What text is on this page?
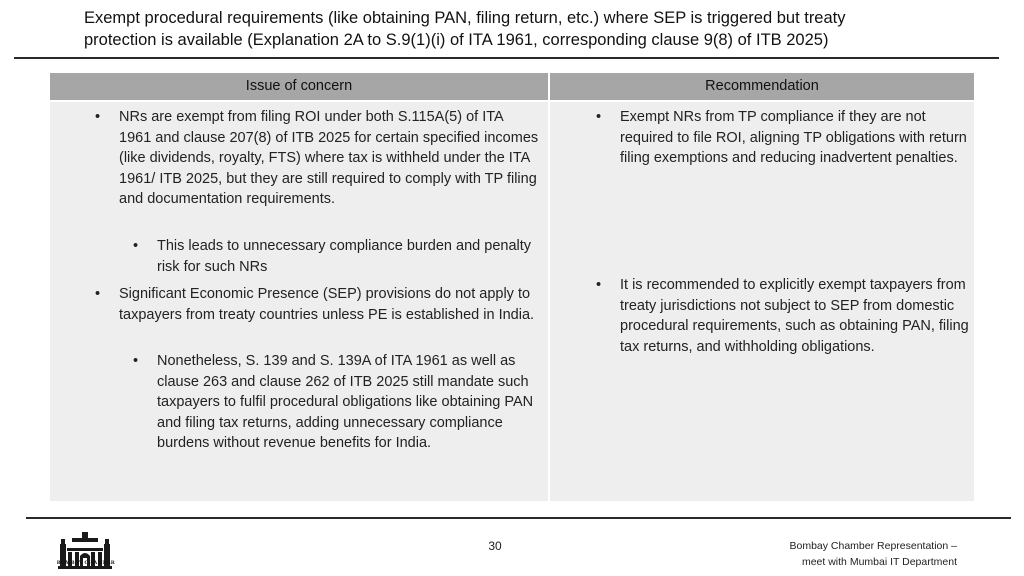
Exempt procedural requirements (like obtaining PAN, filing return, etc.) where SEP is triggered but treaty
protection is available (Explanation 2A to S.9(1)(i) of ITA 1961, corresponding clause 9(8) of ITB 2025)
Issue of concern	Recommendation
• NRs are exempt from filing ROI under both S.115A(5) of ITA 1961 and clause 207(8) of ITB 2025 for certain specified incomes (like dividends, royalty, FTS) where tax is withheld under the ITA 1961/ ITB 2025, but they are still required to comply with TP filing and documentation requirements.
• This leads to unnecessary compliance burden and penalty risk for such NRs
• Significant Economic Presence (SEP) provisions do not apply to taxpayers from treaty countries unless PE is established in India.
• Nonetheless, S. 139 and S. 139A of ITA 1961 as well as clause 263 and clause 262 of ITB 2025 still mandate such taxpayers to fulfil procedural obligations like obtaining PAN and filing tax returns, adding unnecessary compliance burdens without revenue benefits for India.
• Exempt NRs from TP compliance if they are not required to file ROI, aligning TP obligations with return filing exemptions and reducing inadvertent penalties.
• It is recommended to explicitly exempt taxpayers from treaty jurisdictions not subject to SEP from domestic procedural requirements, such as obtaining PAN, filing tax returns, and withholding obligations.
BOMBAY CHAMBER
30	Bombay Chamber Representation –
meet with Mumbai IT Department
